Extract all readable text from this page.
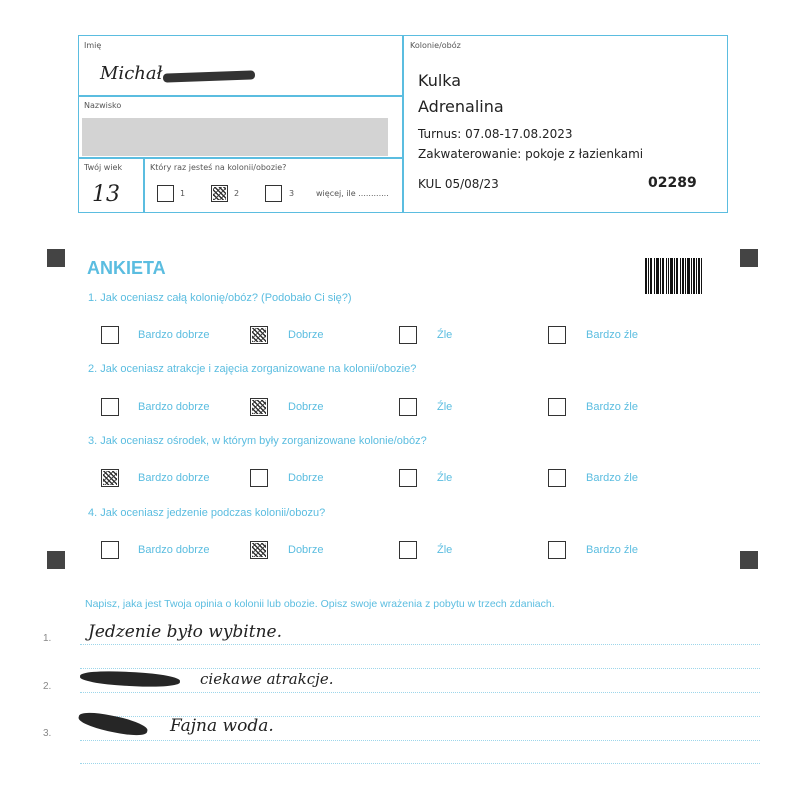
Imię
Michał
Nazwisko
Twój wiek
13
Który raz jesteś na kolonii/obozie?
1	2	3	więcej, ile ............
Kolonie/obóz
Kulka
Adrenalina
Turnus: 07.08-17.08.2023
Zakwaterowanie: pokoje z łazienkami
KUL 05/08/23	02289
ANKIETA
1. Jak oceniasz całą kolonię/obóz? (Podobało Ci się?)
Bardzo dobrze	Dobrze	Źle	Bardzo źle
2. Jak oceniasz atrakcje i zajęcia zorganizowane na kolonii/obozie?
Bardzo dobrze	Dobrze	Źle	Bardzo źle
3. Jak oceniasz ośrodek, w którym były zorganizowane kolonie/obóz?
Bardzo dobrze	Dobrze	Źle	Bardzo źle
4. Jak oceniasz jedzenie podczas kolonii/obozu?
Bardzo dobrze	Dobrze	Źle	Bardzo źle
Napisz, jaka jest Twoja opinia o kolonii lub obozie. Opisz swoje wrażenia z pobytu w trzech zdaniach.
1.
2.
3.
Jedzenie było wybitne.
ciekawe atrakcje.
Fajna woda.
